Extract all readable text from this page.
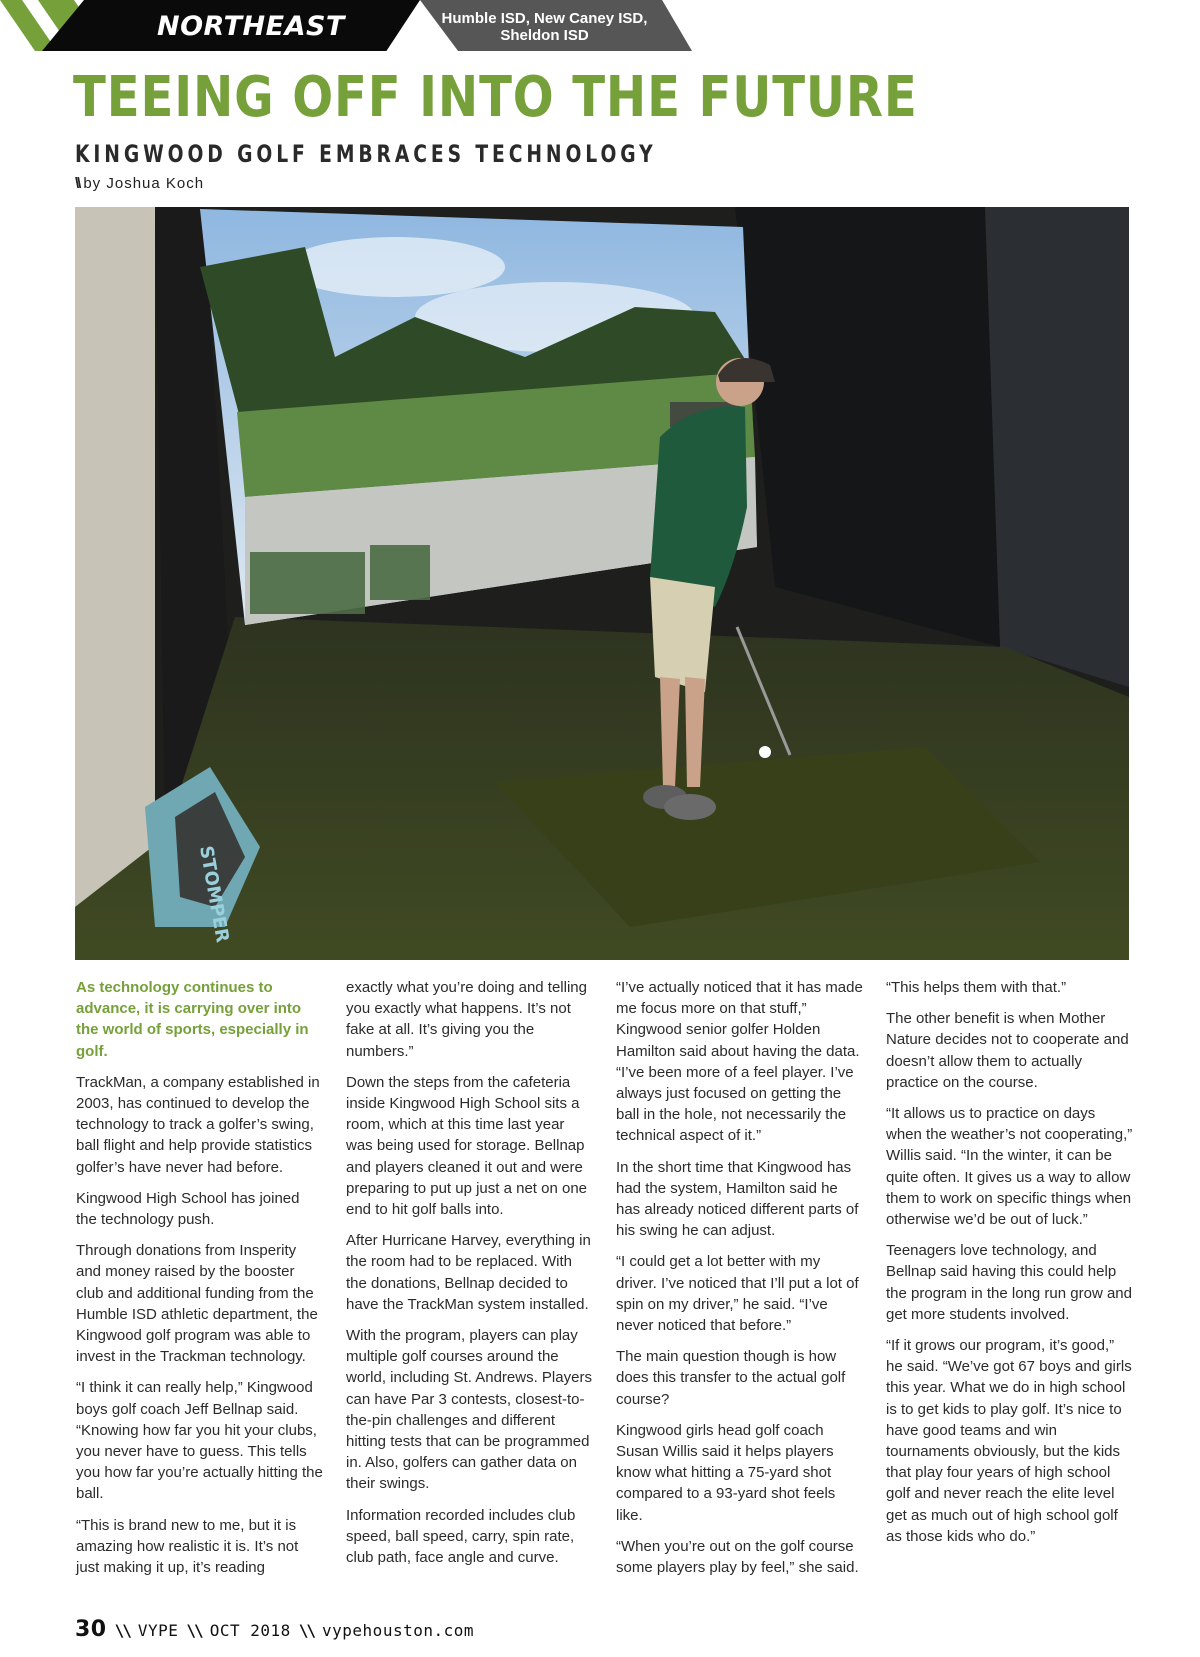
NORTHEAST	Humble ISD, New Caney ISD, Sheldon ISD
TEEING OFF INTO THE FUTURE
KINGWOOD GOLF EMBRACES TECHNOLOGY
\\ by Joshua Koch
STOMPER

As technology continues to advance, it is carrying over into the world of sports, especially in golf.

TrackMan, a company established in 2003, has continued to develop the technology to track a golfer’s swing, ball flight and help provide statistics golfer’s have never had before.

Kingwood High School has joined the technology push.

Through donations from Insperity and money raised by the booster club and additional funding from the Humble ISD athletic department, the Kingwood golf program was able to invest in the Trackman technology.

“I think it can really help,” Kingwood boys golf coach Jeff Bellnap said. “Knowing how far you hit your clubs, you never have to guess. This tells you how far you’re actually hitting the ball.

“This is brand new to me, but it is amazing how realistic it is. It’s not just making it up, it’s reading

exactly what you’re doing and telling you exactly what happens. It’s not fake at all. It’s giving you the numbers.”

Down the steps from the cafeteria inside Kingwood High School sits a room, which at this time last year was being used for storage. Bellnap and players cleaned it out and were preparing to put up just a net on one end to hit golf balls into.

After Hurricane Harvey, everything in the room had to be replaced. With the donations, Bellnap decided to have the TrackMan system installed.

With the program, players can play multiple golf courses around the world, including St. Andrews. Players can have Par 3 contests, closest-to-the-pin challenges and different hitting tests that can be programmed in. Also, golfers can gather data on their swings.

Information recorded includes club speed, ball speed, carry, spin rate, club path, face angle and curve.

“I’ve actually noticed that it has made me focus more on that stuff,” Kingwood senior golfer Holden Hamilton said about having the data. “I’ve been more of a feel player. I’ve always just focused on getting the ball in the hole, not necessarily the technical aspect of it.”

In the short time that Kingwood has had the system, Hamilton said he has already noticed different parts of his swing he can adjust.

“I could get a lot better with my driver. I’ve noticed that I’ll put a lot of spin on my driver,” he said. “I’ve never noticed that before.”

The main question though is how does this transfer to the actual golf course?

Kingwood girls head golf coach Susan Willis said it helps players know what hitting a 75-yard shot compared to a 93-yard shot feels like.

“When you’re out on the golf course some players play by feel,” she said.

“This helps them with that.”

The other benefit is when Mother Nature decides not to cooperate and doesn’t allow them to actually practice on the course.

“It allows us to practice on days when the weather’s not cooperating,” Willis said. “In the winter, it can be quite often. It gives us a way to allow them to work on specific things when otherwise we’d be out of luck.”

Teenagers love technology, and Bellnap said having this could help the program in the long run grow and get more students involved.

“If it grows our program, it’s good,” he said. “We’ve got 67 boys and girls this year. What we do in high school is to get kids to play golf. It’s nice to have good teams and win tournaments obviously, but the kids that play four years of high school golf and never reach the elite level get as much out of high school golf as those kids who do.”

30 \\ VYPE \\ OCT 2018 \\ vypehouston.com
